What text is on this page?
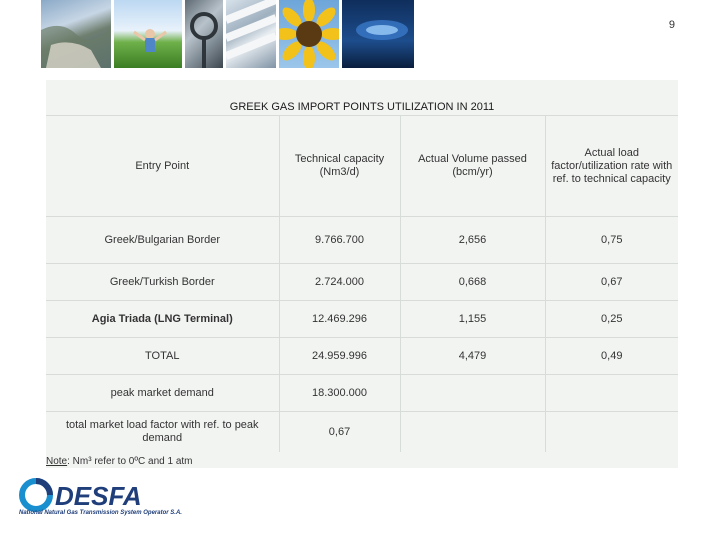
9
GREEK GAS IMPORT POINTS UTILIZATION IN 2011
Entry Point	Technical capacity (Nm3/d)	Actual Volume passed (bcm/yr)	Actual load factor/utilization rate with ref. to technical capacity
Greek/Bulgarian Border	9.766.700	2,656	0,75
Greek/Turkish Border	2.724.000	0,668	0,67
Agia Triada (LNG Terminal)	12.469.296	1,155	0,25
TOTAL	24.959.996	4,479	0,49
peak market demand	18.300.000		
total market load factor with ref. to peak demand	0,67		
Note: Nm³ refer to 0ºC and 1 atm
DESFA
National Natural Gas Transmission System Operator S.A.
